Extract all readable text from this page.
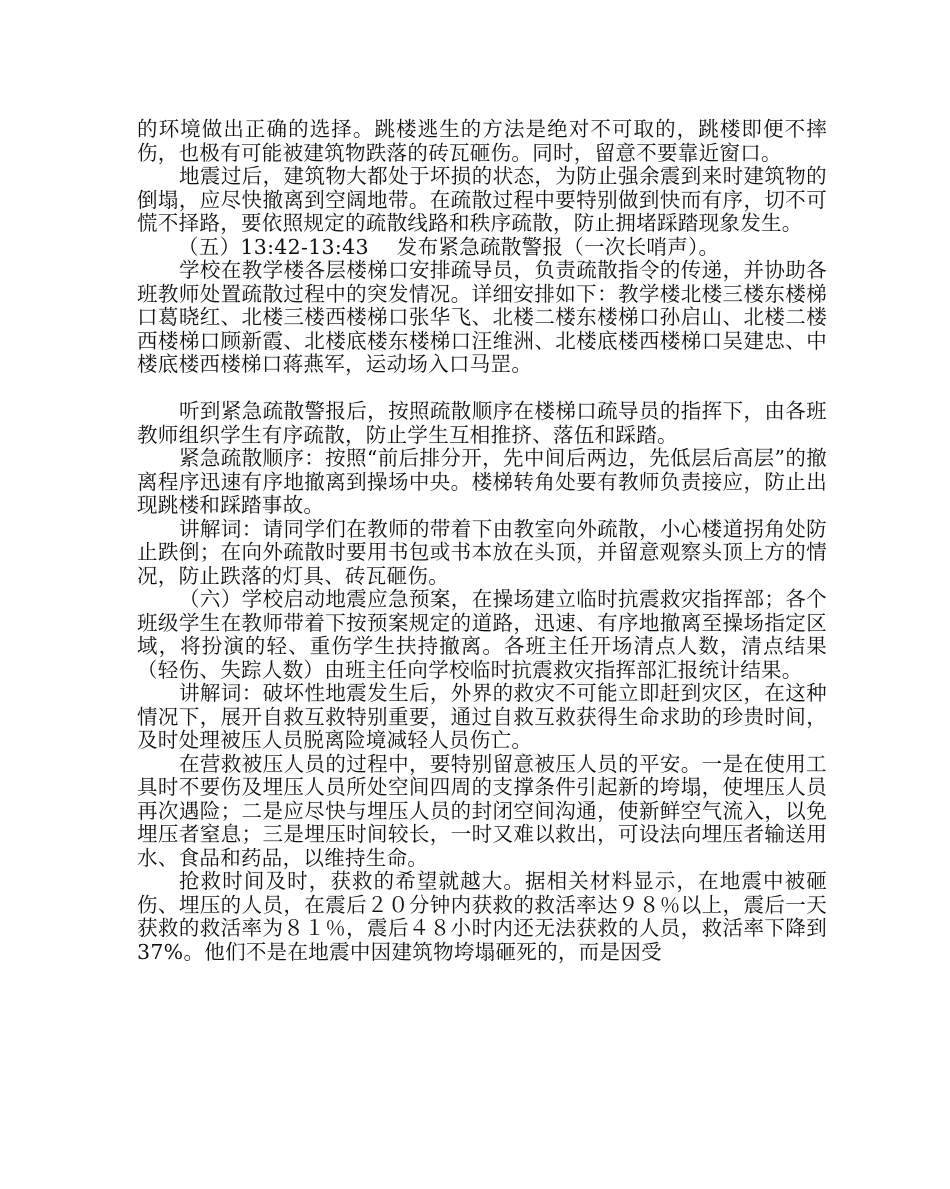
的环境做出正确的选择。跳楼逃生的方法是绝对不可取的，跳楼即便不摔伤，也极有可能被建筑物跌落的砖瓦砸伤。同时，留意不要靠近窗口。

地震过后，建筑物大都处于坏损的状态，为防止强余震到来时建筑物的倒塌，应尽快撤离到空阔地带。在疏散过程中要特别做到快而有序，切不可慌不择路，要依照规定的疏散线路和秩序疏散，防止拥堵踩踏现象发生。

（五）13:42-13:43 发布紧急疏散警报（一次长哨声）。

学校在教学楼各层楼梯口安排疏导员，负责疏散指令的传递，并协助各班教师处置疏散过程中的突发情况。详细安排如下：教学楼北楼三楼东楼梯口葛晓红、北楼三楼西楼梯口张华飞、北楼二楼东楼梯口孙启山、北楼二楼西楼梯口顾新霞、北楼底楼东楼梯口汪维洲、北楼底楼西楼梯口吴建忠、中楼底楼西楼梯口蒋燕军，运动场入口马罡。

听到紧急疏散警报后，按照疏散顺序在楼梯口疏导员的指挥下，由各班教师组织学生有序疏散，防止学生互相推挤、落伍和踩踏。

紧急疏散顺序：按照“前后排分开，先中间后两边，先低层后高层”的撤离程序迅速有序地撤离到操场中央。楼梯转角处要有教师负责接应，防止出现跳楼和踩踏事故。

讲解词：请同学们在教师的带着下由教室向外疏散，小心楼道拐角处防止跌倒；在向外疏散时要用书包或书本放在头顶，并留意观察头顶上方的情况，防止跌落的灯具、砖瓦砸伤。

（六）学校启动地震应急预案，在操场建立临时抗震救灾指挥部；各个班级学生在教师带着下按预案规定的道路，迅速、有序地撤离至操场指定区域，将扮演的轻、重伤学生扶持撤离。各班主任开场清点人数，清点结果（轻伤、失踪人数）由班主任向学校临时抗震救灾指挥部汇报统计结果。

讲解词：破坏性地震发生后，外界的救灾不可能立即赶到灾区，在这种情况下，展开自救互救特别重要，通过自救互救获得生命求助的珍贵时间，及时处理被压人员脱离险境减轻人员伤亡。

在营救被压人员的过程中，要特别留意被压人员的平安。一是在使用工具时不要伤及埋压人员所处空间四周的支撑条件引起新的垮塌，使埋压人员再次遇险；二是应尽快与埋压人员的封闭空间沟通，使新鲜空气流入，以免埋压者窒息；三是埋压时间较长，一时又难以救出，可设法向埋压者输送用水、食品和药品，以维持生命。

抢救时间及时，获救的希望就越大。据相关材料显示，在地震中被砸伤、埋压的人员，在震后２０分钟内获救的救活率达９８％以上，震后一天获救的救活率为８１％，震后４８小时内还无法获救的人员，救活率下降到37%。他们不是在地震中因建筑物垮塌砸死的，而是因受
